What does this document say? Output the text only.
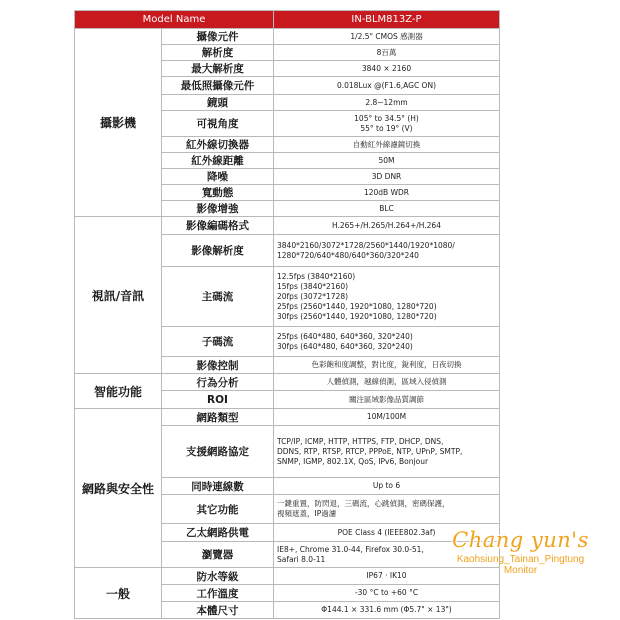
Model Name		IN-BLM813Z-P
攝影機	攝像元件	1/2.5" CMOS 感測器

	解析度	8百萬

	最大解析度	3840 × 2160

	最低照攝像元件	0.018Lux @(F1.6,AGC ON)

	鏡頭	2.8~12mm

	可視角度	105° to 34.5° (H)
55° to 19° (V)

	紅外線切換器	自動紅外線濾鏡切換

	紅外線距離	50M

	降噪	3D DNR

	寬動態	120dB WDR

	影像增強	BLC

視訊/音訊	影像編碼格式	H.265+/H.265/H.264+/H.264

	影像解析度	3840*2160/3072*1728/2560*1440/1920*1080/
1280*720/640*480/640*360/320*240

	主碼流	12.5fps (3840*2160)
15fps (3840*2160)
20fps (3072*1728)
25fps (2560*1440, 1920*1080, 1280*720)
30fps (2560*1440, 1920*1080, 1280*720)

	子碼流	25fps (640*480, 640*360, 320*240)
30fps (640*480, 640*360, 320*240)

	影像控制	色彩飽和度調整，對比度，銳利度，日夜切換

智能功能	行為分析	人體偵測，越線偵測，區域入侵偵測

	ROI	關注區域影像品質調節

網路與安全性	網路類型	10M/100M

	支援網路協定	TCP/IP, ICMP, HTTP, HTTPS, FTP, DHCP, DNS,
DDNS, RTP, RTSP, RTCP, PPPoE, NTP, UPnP, SMTP,
SNMP, IGMP, 802.1X, QoS, IPv6, Bonjour

	同時連線數	Up to 6

	其它功能	一鍵重置，防閃退，三碼流，心跳偵測，密碼保護，
視頻遮蓋，IP過濾

	乙太網路供電	POE Class 4 (IEEE802.3af)

	瀏覽器	IE8+, Chrome 31.0-44, Firefox 30.0-51,
Safari 8.0-11

一般	防水等級	IP67 · IK10

	工作溫度	-30 °C to +60 °C

	本體尺寸	Φ144.1 × 331.6 mm (Φ5.7" × 13")
Chang yun's
Kaohsiung_Tainan_Pingtung
Monitor
